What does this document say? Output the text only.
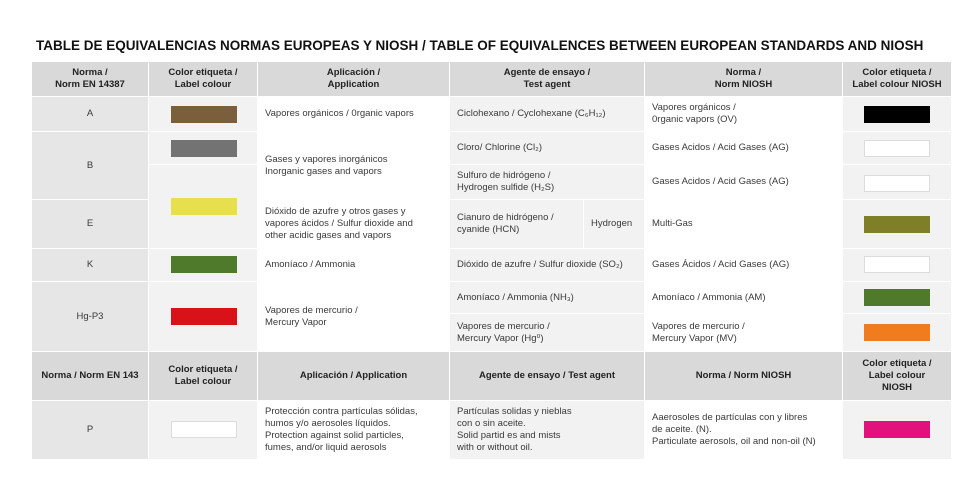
TABLE DE EQUIVALENCIAS NORMAS EUROPEAS Y NIOSH / TABLE OF EQUIVALENCES BETWEEN EUROPEAN STANDARDS AND NIOSH
Norma /
Norm EN 14387
Color etiqueta /
Label colour
Aplicación /
Application
Agente de ensayo /
Test agent
Norma /
Norm NIOSH
Color etiqueta /
Label colour NIOSH
A
B
E
K
Hg-P3
Vapores orgánicos / 0rganic vapors
Gases y vapores inorgánicos
Inorganic gases and vapors
Dióxido de azufre y otros gases y
vapores ácidos / Sulfur dioxide and
other acidic gases and vapors
Amoníaco / Ammonia
Vapores de mercurio /
Mercury Vapor
Ciclohexano / Cyclohexane (C₆H₁₂)
Cloro/ Chlorine (Cl₂)
Sulfuro de hidrógeno /
Hydrogen sulfide (H₂S)
Cianuro de hidrógeno /
cyanide (HCN)
Hydrogen
Dióxido de azufre / Sulfur dioxide (SO₂)
Amoníaco / Ammonia (NH₃)
Vapores de mercurio /
Mercury Vapor (Hg⁰)
Vapores orgánicos /
0rganic vapors (OV)
Gases Acidos / Acid Gases (AG)
Gases Acidos / Acid Gases (AG)
Multi-Gas
Gases Ácidos / Acid Gases (AG)
Amoníaco / Ammonia (AM)
Vapores de mercurio /
Mercury Vapor (MV)
Norma / Norm EN 143
Color etiqueta /
Label colour
Aplicación / Application	Agente de ensayo / Test agent	Norma / Norm NIOSH
Color etiqueta /
Label colour
NIOSH
P
Protección contra partículas sólidas,
humos y/o aerosoles líquidos.
Protection against solid particles,
fumes, and/or liquid aerosols
Partículas solidas y nieblas
con o sin aceite.
Solid partid es and mists
with or without oil.
Aaerosoles de partículas con y libres
de aceite. (N).
Particulate aerosols, oil and non-oil (N)
